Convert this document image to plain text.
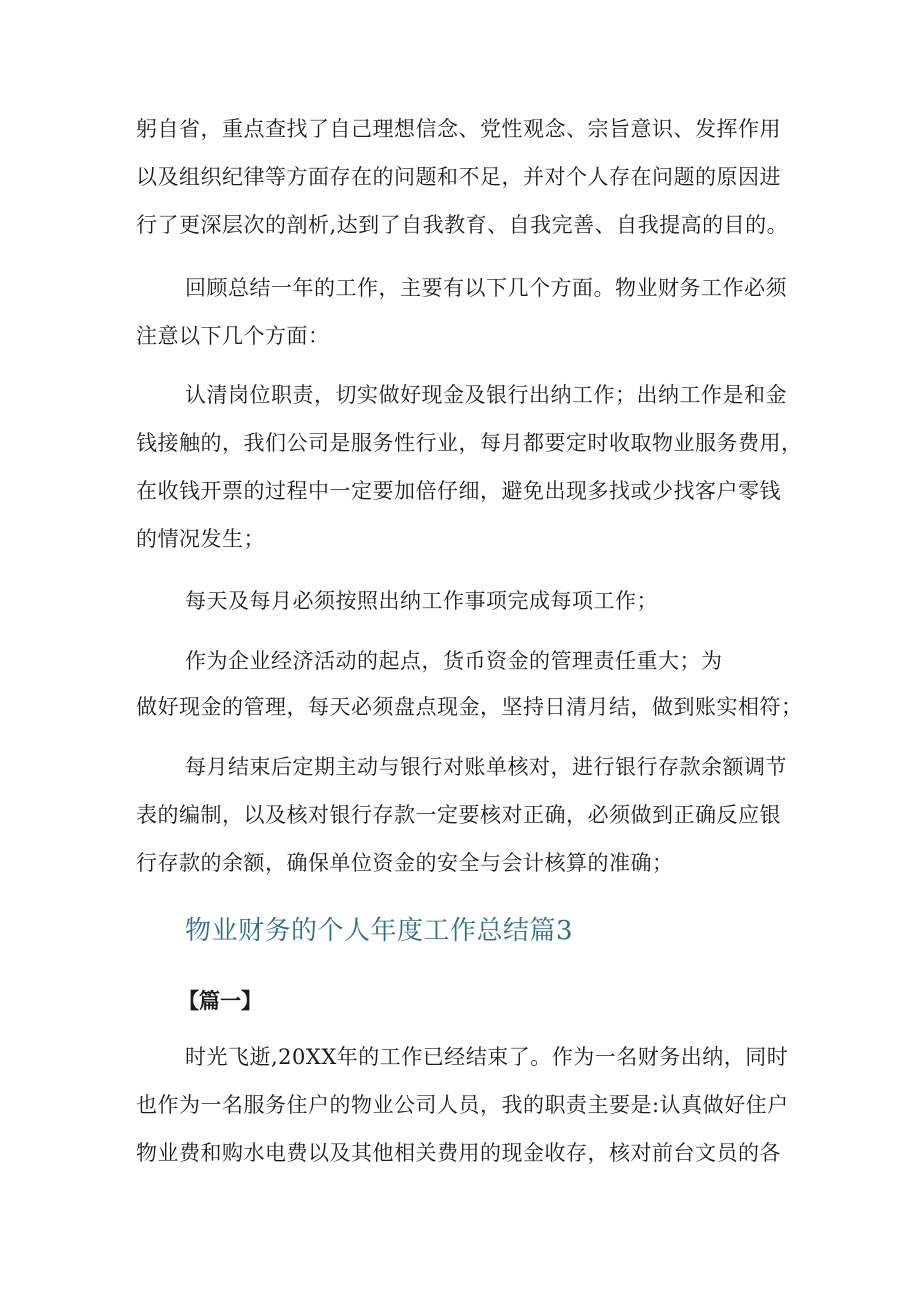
躬自省，重点查找了自己理想信念、党性观念、宗旨意识、发挥作用
以及组织纪律等方面存在的问题和不足，并对个人存在问题的原因进
行了更深层次的剖析,达到了自我教育、自我完善、自我提高的目的。
回顾总结一年的工作，主要有以下几个方面。物业财务工作必须
注意以下几个方面：
认清岗位职责，切实做好现金及银行出纳工作；出纳工作是和金
钱接触的，我们公司是服务性行业，每月都要定时收取物业服务费用，
在收钱开票的过程中一定要加倍仔细，避免出现多找或少找客户零钱
的情况发生；
每天及每月必须按照出纳工作事项完成每项工作；
作为企业经济活动的起点，货币资金的管理责任重大；为
做好现金的管理，每天必须盘点现金，坚持日清月结，做到账实相符；
每月结束后定期主动与银行对账单核对，进行银行存款余额调节
表的编制，以及核对银行存款一定要核对正确，必须做到正确反应银
行存款的余额，确保单位资金的安全与会计核算的准确；
物业财务的个人年度工作总结篇3
【篇一】
时光飞逝,20XX年的工作已经结束了。作为一名财务出纳，同时
也作为一名服务住户的物业公司人员，我的职责主要是:认真做好住户
物业费和购水电费以及其他相关费用的现金收存，核对前台文员的各
